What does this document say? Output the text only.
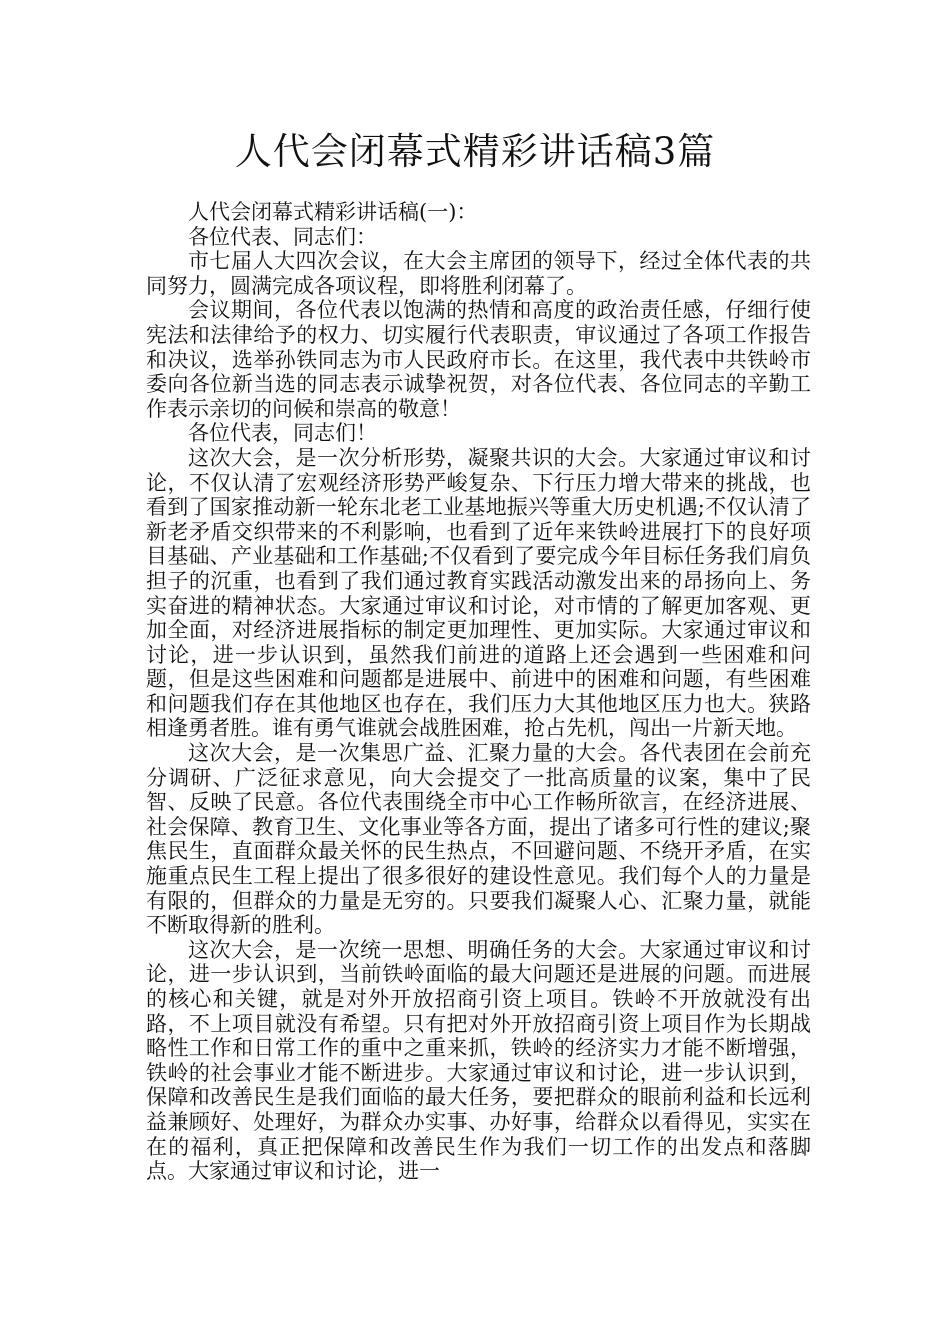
人代会闭幕式精彩讲话稿3篇

人代会闭幕式精彩讲话稿(一)：

各位代表、同志们：

市七届人大四次会议，在大会主席团的领导下，经过全体代表的共同努力，圆满完成各项议程，即将胜利闭幕了。

会议期间，各位代表以饱满的热情和高度的政治责任感，仔细行使宪法和法律给予的权力、切实履行代表职责，审议通过了各项工作报告和决议，选举孙铁同志为市人民政府市长。在这里，我代表中共铁岭市委向各位新当选的同志表示诚挚祝贺，对各位代表、各位同志的辛勤工作表示亲切的问候和崇高的敬意！

各位代表，同志们！

这次大会，是一次分析形势，凝聚共识的大会。大家通过审议和讨论，不仅认清了宏观经济形势严峻复杂、下行压力增大带来的挑战，也看到了国家推动新一轮东北老工业基地振兴等重大历史机遇;不仅认清了新老矛盾交织带来的不利影响，也看到了近年来铁岭进展打下的良好项目基础、产业基础和工作基础;不仅看到了要完成今年目标任务我们肩负担子的沉重，也看到了我们通过教育实践活动激发出来的昂扬向上、务实奋进的精神状态。大家通过审议和讨论，对市情的了解更加客观、更加全面，对经济进展指标的制定更加理性、更加实际。大家通过审议和讨论，进一步认识到，虽然我们前进的道路上还会遇到一些困难和问题，但是这些困难和问题都是进展中、前进中的困难和问题，有些困难和问题我们存在其他地区也存在，我们压力大其他地区压力也大。狭路相逢勇者胜。谁有勇气谁就会战胜困难，抢占先机，闯出一片新天地。

这次大会，是一次集思广益、汇聚力量的大会。各代表团在会前充分调研、广泛征求意见，向大会提交了一批高质量的议案，集中了民智、反映了民意。各位代表围绕全市中心工作畅所欲言，在经济进展、社会保障、教育卫生、文化事业等各方面，提出了诸多可行性的建议;聚焦民生，直面群众最关怀的民生热点，不回避问题、不绕开矛盾，在实施重点民生工程上提出了很多很好的建设性意见。我们每个人的力量是有限的，但群众的力量是无穷的。只要我们凝聚人心、汇聚力量，就能不断取得新的胜利。

这次大会，是一次统一思想、明确任务的大会。大家通过审议和讨论，进一步认识到，当前铁岭面临的最大问题还是进展的问题。而进展的核心和关键，就是对外开放招商引资上项目。铁岭不开放就没有出路，不上项目就没有希望。只有把对外开放招商引资上项目作为长期战略性工作和日常工作的重中之重来抓，铁岭的经济实力才能不断增强，铁岭的社会事业才能不断进步。大家通过审议和讨论，进一步认识到，保障和改善民生是我们面临的最大任务，要把群众的眼前利益和长远利益兼顾好、处理好，为群众办实事、办好事，给群众以看得见，实实在在的福利，真正把保障和改善民生作为我们一切工作的出发点和落脚点。大家通过审议和讨论，进一
